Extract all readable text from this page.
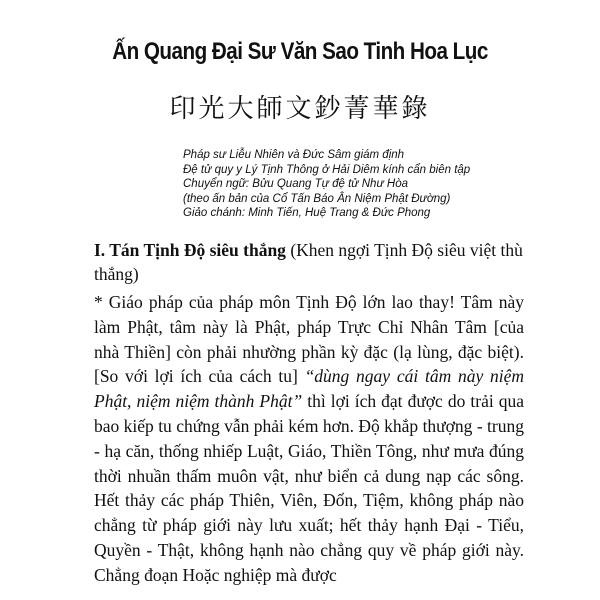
Ấn Quang Đại Sư Văn Sao Tinh Hoa Lục
印光大師文鈔菁華錄
Pháp sư Liễu Nhiên và Đức Sâm giám định
Đệ tử quy y Lý Tịnh Thông ở Hải Diêm kính cẩn biên tập
Chuyển ngữ: Bửu Quang Tự đệ tử Như Hòa
(theo ấn bản của Cổ Tấn Báo Ân Niệm Phật Đường)
Giảo chánh: Minh Tiến, Huệ Trang & Đức Phong
I. Tán Tịnh Độ siêu thắng (Khen ngợi Tịnh Độ siêu việt thù thắng)
* Giáo pháp của pháp môn Tịnh Độ lớn lao thay! Tâm này làm Phật, tâm này là Phật, pháp Trực Chỉ Nhân Tâm [của nhà Thiền] còn phải nhường phần kỳ đặc (lạ lùng, đặc biệt). [So với lợi ích của cách tu] “dùng ngay cái tâm này niệm Phật, niệm niệm thành Phật” thì lợi ích đạt được do trải qua bao kiếp tu chứng vẫn phải kém hơn. Độ khắp thượng - trung - hạ căn, thống nhiếp Luật, Giáo, Thiền Tông, như mưa đúng thời nhuần thấm muôn vật, như biển cả dung nạp các sông. Hết thảy các pháp Thiên, Viên, Đốn, Tiệm, không pháp nào chẳng từ pháp giới này lưu xuất; hết thảy hạnh Đại - Tiểu, Quyền - Thật, không hạnh nào chẳng quy về pháp giới này. Chẳng đoạn Hoặc nghiệp mà được
